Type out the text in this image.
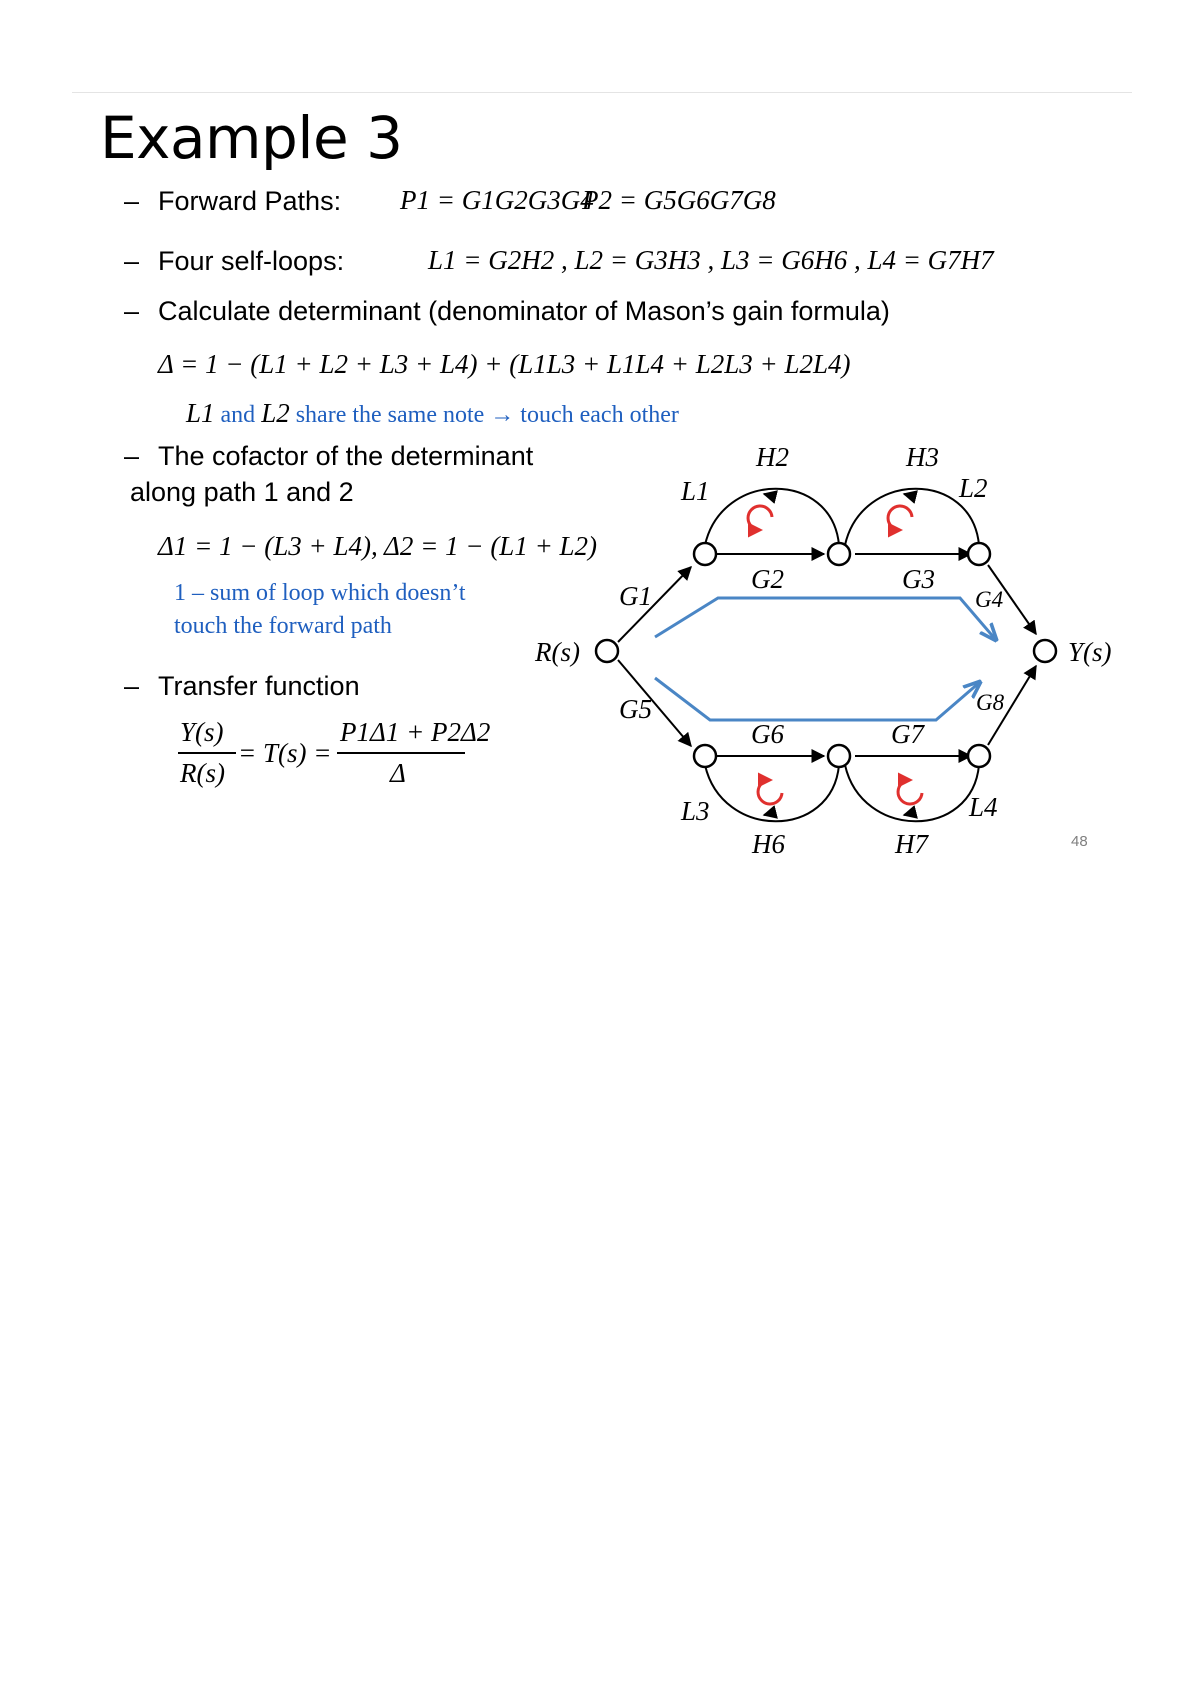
Example 3
– Forward Paths: P1 = G1G2G3G4
P2 = G5G6G7G8
– Four self-loops:	L1 = G2H2 , L2 = G3H3 , L3 = G6H6 , L4 = G7H7
– Calculate determinant (denominator of Mason’s gain formula)
Δ = 1 − (L1 + L2 + L3 + L4) + (L1L3 + L1L4 + L2L3 + L2L4)
L1 and L2 share the same note → touch each other
– The cofactor of the determinant
along path 1 and 2
Δ1 = 1 − (L3 + L4), Δ2 = 1 − (L1 + L2)
1 – sum of loop which doesn’t
touch the forward path
– Transfer function
Y(s)
R(s)
= T(s) =
P1Δ1 + P2Δ2
Δ
R(s)	Y(s)
G1
G2	G3
G4
G5
G6	G7
G8
H2	H3
H6	H7
L1	L2
L3	L4
48
